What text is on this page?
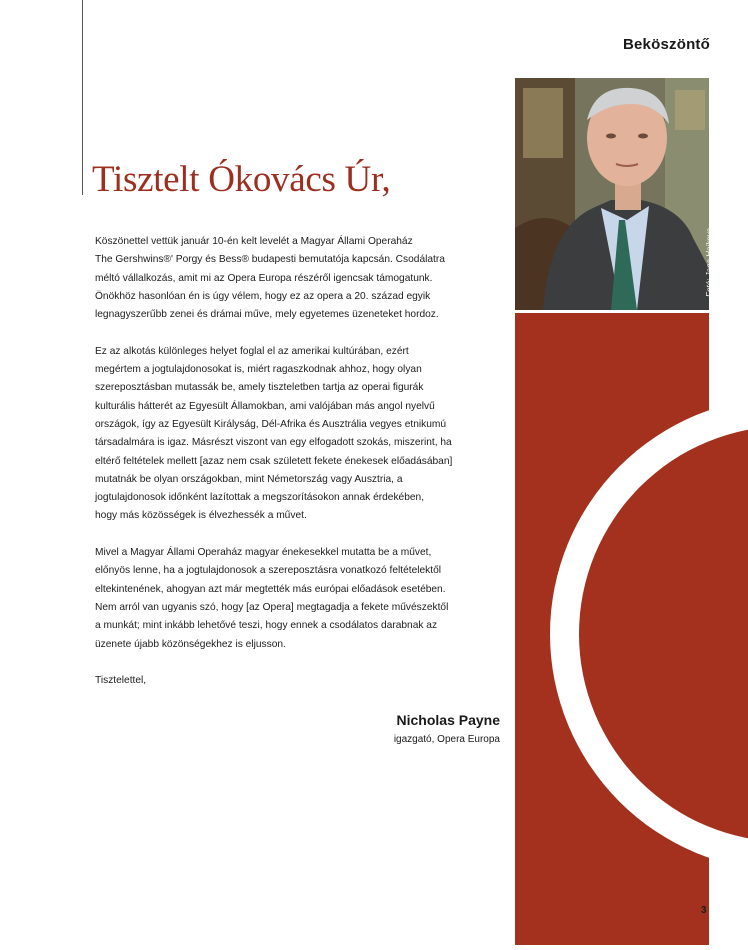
Beköszöntő
Fotó: Jana Hajkova
Tisztelt Ókovács Úr,
Köszönettel vettük január 10-én kelt levelét a Magyar Állami Operaház
The Gershwins®' Porgy és Bess® budapesti bemutatója kapcsán. Csodálatra
méltó vállalkozás, amit mi az Opera Europa részéről igencsak támogatunk.
Önökhöz hasonlóan én is úgy vélem, hogy ez az opera a 20. század egyik
legnagyszerűbb zenei és drámai műve, mely egyetemes üzeneteket hordoz.
Ez az alkotás különleges helyet foglal el az amerikai kultúrában, ezért
megértem a jogtulajdonosokat is, miért ragaszkodnak ahhoz, hogy olyan
szereposztásban mutassák be, amely tiszteletben tartja az operai figurák
kulturális hátterét az Egyesült Államokban, ami valójában más angol nyelvű
országok, így az Egyesült Királyság, Dél-Afrika és Ausztrália vegyes etnikumú
társadalmára is igaz. Másrészt viszont van egy elfogadott szokás, miszerint, ha
eltérő feltételek mellett [azaz nem csak született fekete énekesek előadásában]
mutatnák be olyan országokban, mint Németország vagy Ausztria, a
jogtulajdonosok időnként lazítottak a megszorításokon annak érdekében,
hogy más közösségek is élvezhessék a művet.
Mivel a Magyar Állami Operaház magyar énekesekkel mutatta be a művet,
előnyös lenne, ha a jogtulajdonosok a szereposztásra vonatkozó feltételektől
eltekintenének, ahogyan azt már megtették más európai előadások esetében.
Nem arról van ugyanis szó, hogy [az Opera] megtagadja a fekete művészektől
a munkát; mint inkább lehetővé teszi, hogy ennek a csodálatos darabnak az
üzenete újabb közönségekhez is eljusson.
Tisztelettel,
Nicholas Payne
igazgató, Opera Europa
3
